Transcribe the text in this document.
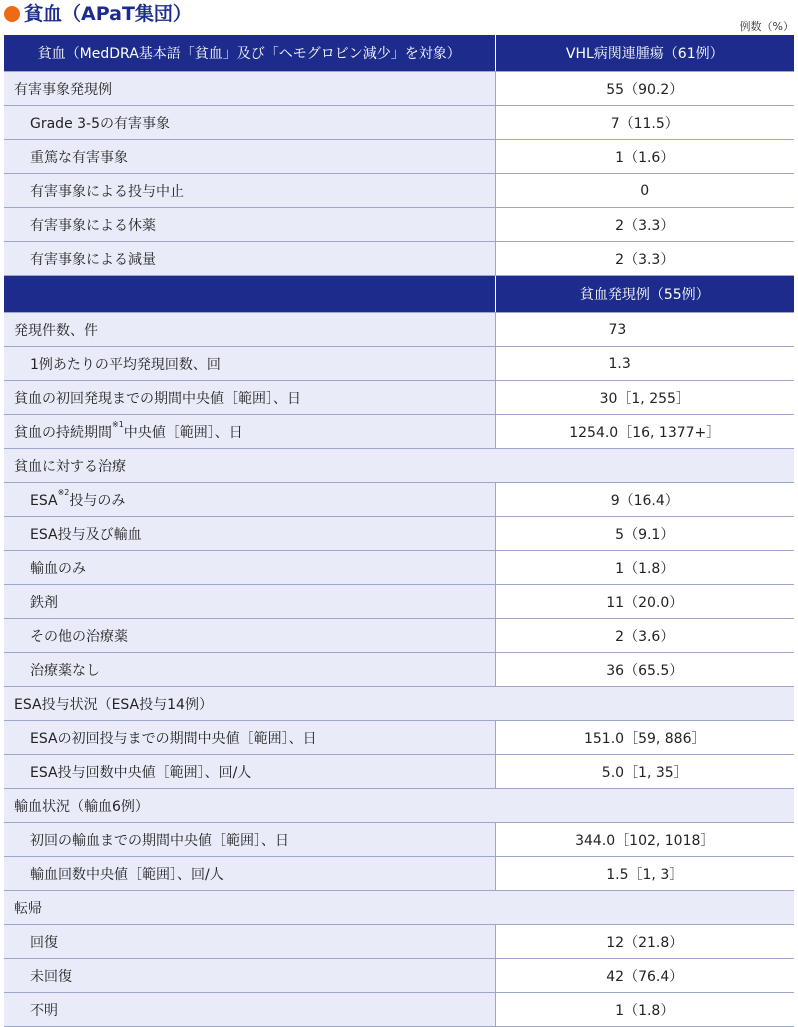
貧血（APaT集団）
例数（%）
貧血（MedDRA基本語「貧血」及び「ヘモグロビン減少」を対象）	VHL病関連腫瘍（61例）
有害事象発現例	55（90.2）
Grade 3-5の有害事象	7（11.5）
重篤な有害事象	1（1.6）
有害事象による投与中止	0
有害事象による休薬	2（3.3）
有害事象による減量	2（3.3）
	貧血発現例（55例）
発現件数、件	73
1例あたりの平均発現回数、回	1.3
貧血の初回発現までの期間中央値［範囲］、日	30［1, 255］
貧血の持続期間$^{※1}$中央値［範囲］、日	1254.0［16, 1377+］
貧血に対する治療	
ESA$^{※2}$投与のみ	9（16.4）
ESA投与及び輸血	5（9.1）
輸血のみ	1（1.8）
鉄剤	11（20.0）
その他の治療薬	2（3.6）
治療薬なし	36（65.5）
ESA投与状況（ESA投与14例）	
ESAの初回投与までの期間中央値［範囲］、日	151.0［59, 886］
ESA投与回数中央値［範囲］、回/人	5.0［1, 35］
輸血状況（輸血6例）	
初回の輸血までの期間中央値［範囲］、日	344.0［102, 1018］
輸血回数中央値［範囲］、回/人	1.5［1, 3］
転帰	
回復	12（21.8）
未回復	42（76.4）
不明	1（1.8）
